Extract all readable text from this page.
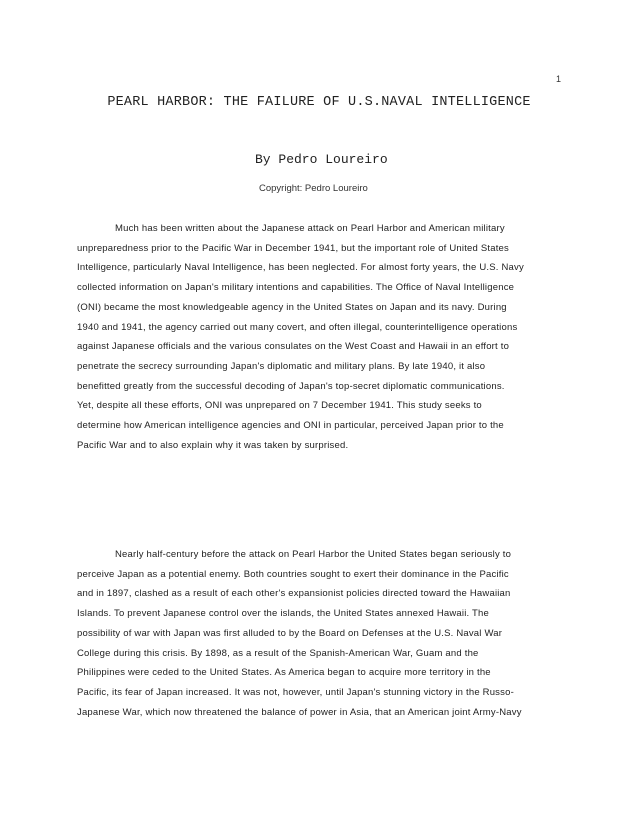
1
PEARL HARBOR: THE FAILURE OF U.S.NAVAL INTELLIGENCE
By Pedro Loureiro
Copyright: Pedro Loureiro
Much has been written about the Japanese attack on Pearl Harbor and American military
unpreparedness prior to the Pacific War in December 1941, but the important role of United States
Intelligence, particularly Naval Intelligence, has been neglected. For almost forty years, the U.S. Navy
collected information on Japan's military intentions and capabilities. The Office of Naval Intelligence
(ONI) became the most knowledgeable agency in the United States on Japan and its navy. During
1940 and 1941, the agency carried out many covert, and often illegal, counterintelligence operations
against Japanese officials and the various consulates on the West Coast and Hawaii in an effort to
penetrate the secrecy surrounding Japan's diplomatic and military plans. By late 1940, it also
benefitted greatly from the successful decoding of Japan's top-secret diplomatic communications.
Yet, despite all these efforts, ONI was unprepared on 7 December 1941. This study seeks to
determine how American intelligence agencies and ONI in particular, perceived Japan prior to the
Pacific War and to also explain why it was taken by surprised.
Nearly half-century before the attack on Pearl Harbor the United States began seriously to
perceive Japan as a potential enemy. Both countries sought to exert their dominance in the Pacific
and in 1897, clashed as a result of each other's expansionist policies directed toward the Hawaiian
Islands. To prevent Japanese control over the islands, the United States annexed Hawaii. The
possibility of war with Japan was first alluded to by the Board on Defenses at the U.S. Naval War
College during this crisis. By 1898, as a result of the Spanish-American War, Guam and the
Philippines were ceded to the United States. As America began to acquire more territory in the
Pacific, its fear of Japan increased. It was not, however, until Japan's stunning victory in the Russo-
Japanese War, which now threatened the balance of power in Asia, that an American joint Army-Navy
